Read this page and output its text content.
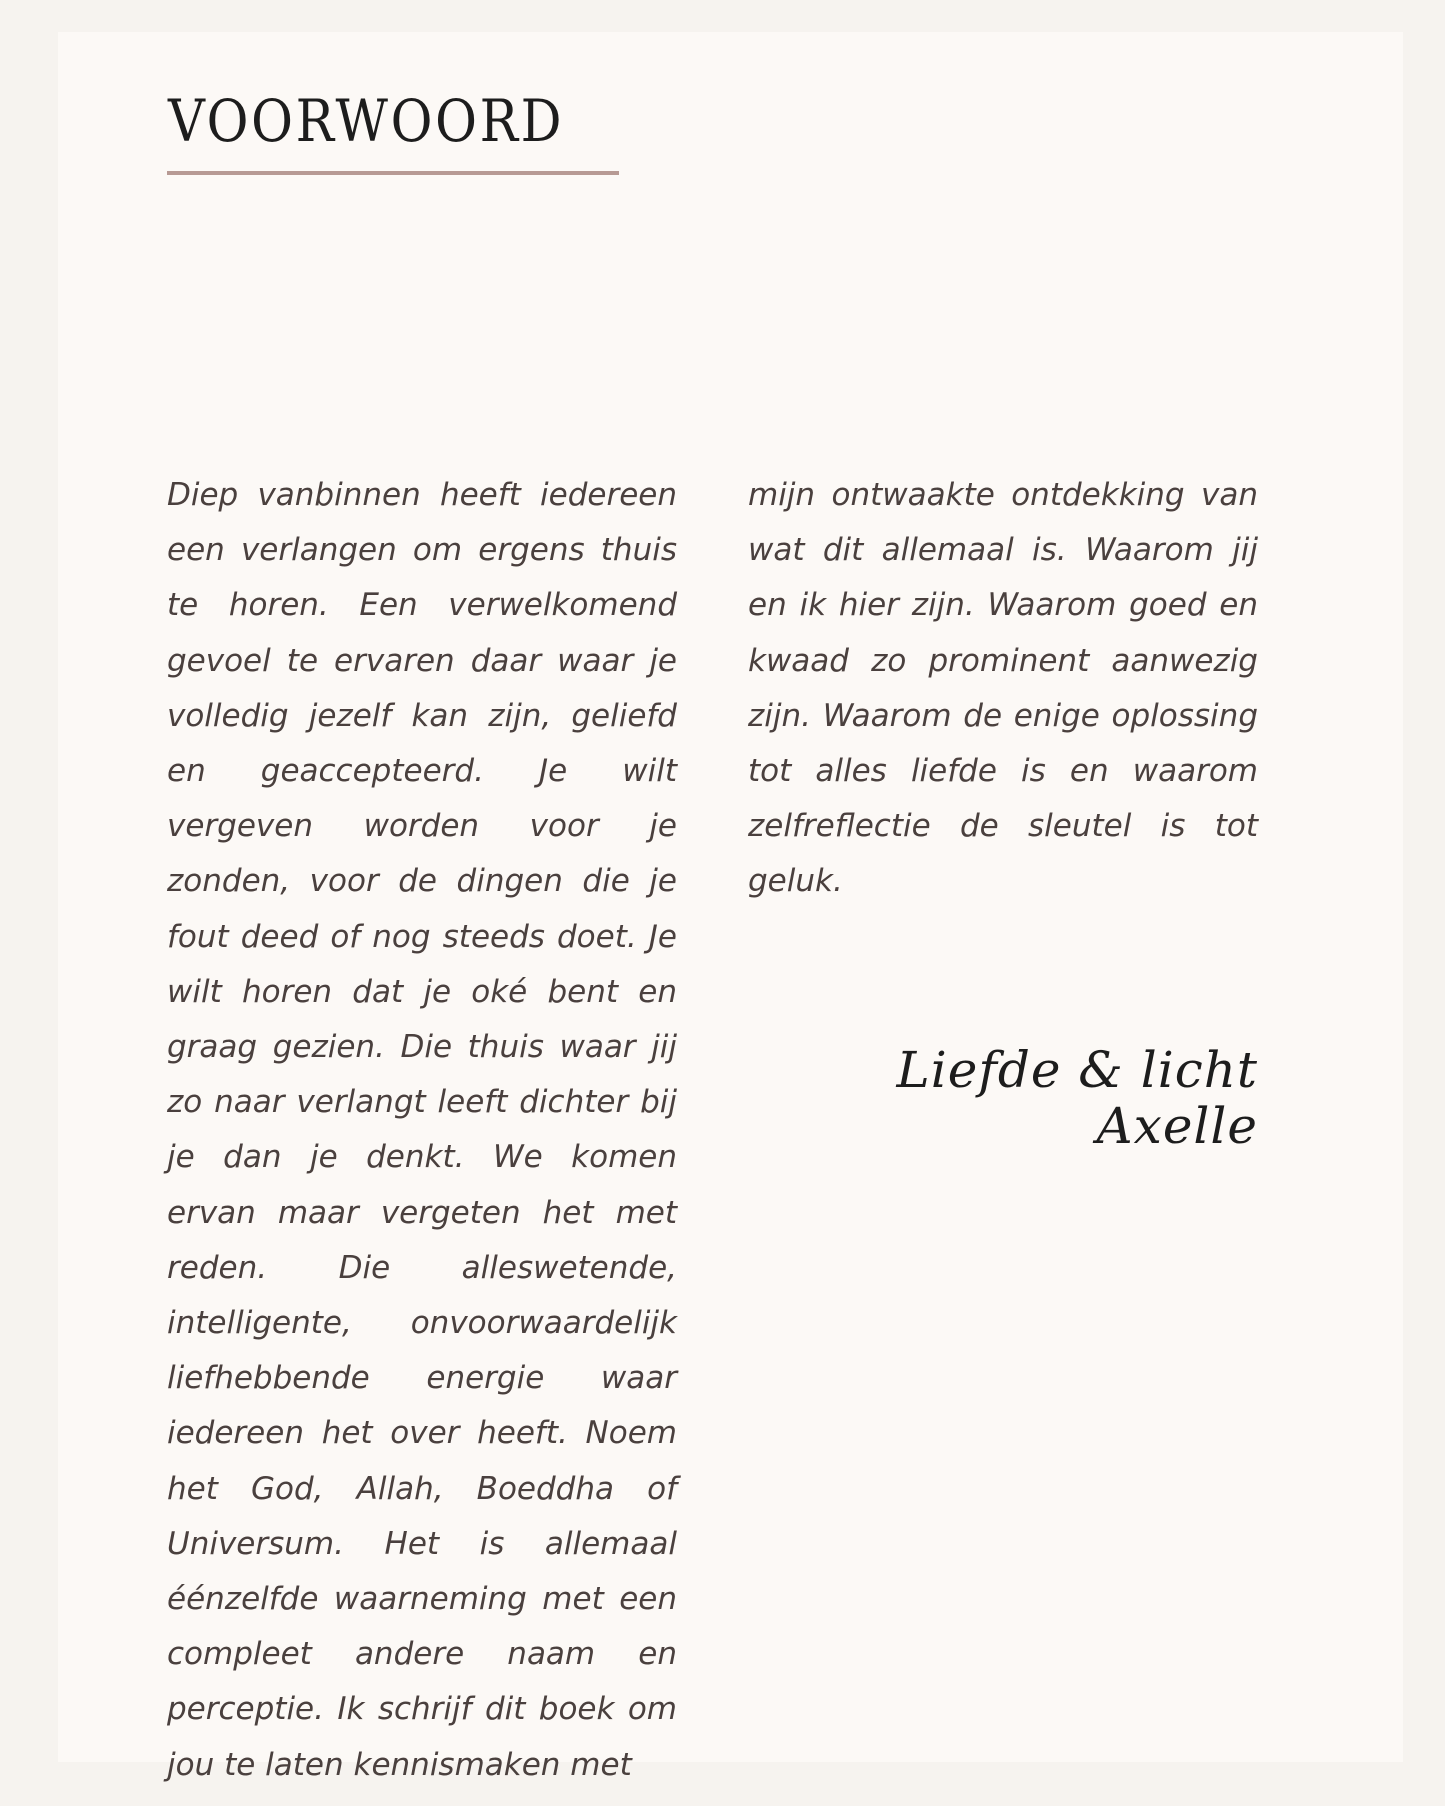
VOORWOORD

Diep vanbinnen heeft iedereen een verlangen om ergens thuis te horen. Een verwelkomend gevoel te ervaren daar waar je volledig jezelf kan zijn, geliefd en geaccepteerd. Je wilt vergeven worden voor je zonden, voor de dingen die je fout deed of nog steeds doet. Je wilt horen dat je oké bent en graag gezien. Die thuis waar jij zo naar verlangt leeft dichter bij je dan je denkt. We komen ervan maar vergeten het met reden. Die alleswetende, intelligente, onvoorwaardelijk liefhebbende energie waar iedereen het over heeft. Noem het God, Allah, Boeddha of Universum. Het is allemaal éénzelfde waarneming met een compleet andere naam en perceptie. Ik schrijf dit boek om jou te laten kennismaken met

mijn ontwaakte ontdekking van wat dit allemaal is. Waarom jij en ik hier zijn. Waarom goed en kwaad zo prominent aanwezig zijn. Waarom de enige oplossing tot alles liefde is en waarom zelfreflectie de sleutel is tot geluk.

Liefde & licht
Axelle
